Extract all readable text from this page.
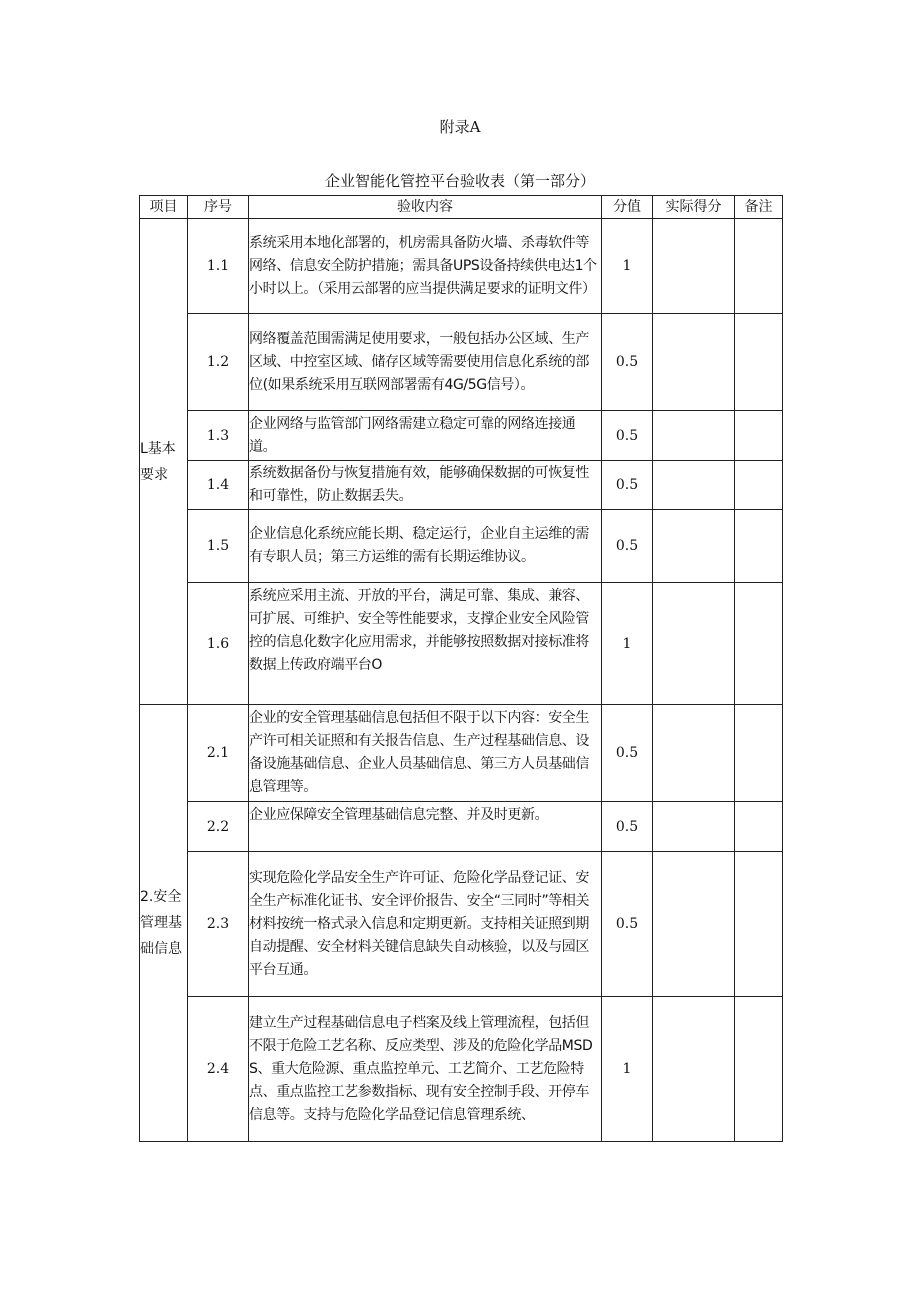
附录A
企业智能化管控平台验收表（第一部分）
项目	序号	验收内容	分值	实际得分	备注
L基本要求	1.1	系统采用本地化部署的，机房需具备防火墙、杀毒软件等网络、信息安全防护措施；需具备UPS设备持续供电达1个小时以上。（采用云部署的应当提供满足要求的证明文件）	1		
	1.2	网络覆盖范围需满足使用要求，一般包括办公区域、生产区域、中控室区域、储存区域等需要使用信息化系统的部位(如果系统采用互联网部署需有4G/5G信号）。	0.5		
	1.3	企业网络与监管部门网络需建立稳定可靠的网络连接通道。	0.5		
	1.4	系统数据备份与恢复措施有效，能够确保数据的可恢复性和可靠性，防止数据丢失。	0.5		
	1.5	企业信息化系统应能长期、稳定运行，企业自主运维的需有专职人员；第三方运维的需有长期运维协议。	0.5		
	1.6	系统应采用主流、开放的平台，满足可靠、集成、兼容、可扩展、可维护、安全等性能要求，支撑企业安全风险管控的信息化数字化应用需求，并能够按照数据对接标准将数据上传政府端平台O	1		
2.安全管理基础信息	2.1	企业的安全管理基础信息包括但不限于以下内容：安全生产许可相关证照和有关报告信息、生产过程基础信息、设备设施基础信息、企业人员基础信息、第三方人员基础信息管理等。	0.5		
	2.2	企业应保障安全管理基础信息完整、并及时更新。	0.5		
	2.3	实现危险化学品安全生产许可证、危险化学品登记证、安全生产标准化证书、安全评价报告、安全“三同时”等相关材料按统一格式录入信息和定期更新。支持相关证照到期自动提醒、安全材料关键信息缺失自动核验，以及与园区平台互通。	0.5		
	2.4	建立生产过程基础信息电子档案及线上管理流程，包括但不限于危险工艺名称、反应类型、涉及的危险化学品MSDS、重大危险源、重点监控单元、工艺简介、工艺危险特点、重点监控工艺参数指标、现有安全控制手段、开停车信息等。支持与危险化学品登记信息管理系统、	1		
